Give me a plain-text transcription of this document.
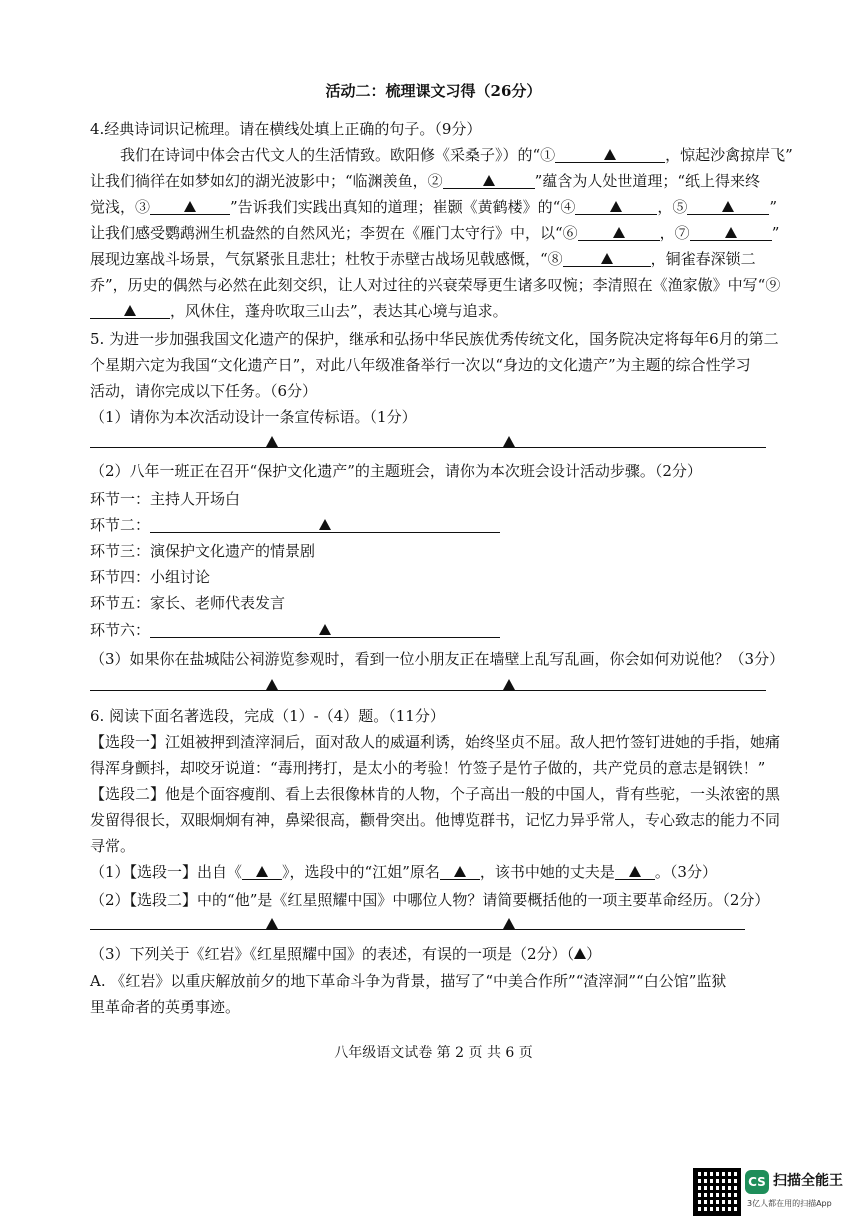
活动二：梳理课文习得（26分）
4.经典诗词识记梳理。请在横线处填上正确的句子。（9分）
我们在诗词中体会古代文人的生活情致。欧阳修《采桑子》）的“①	，惊起沙禽掠岸飞”
让我们徜徉在如梦如幻的湖光波影中；“临渊羡鱼，②	”蕴含为人处世道理；“纸上得来终
觉浅，③	”告诉我们实践出真知的道理；崔颢《黄鹤楼》的“④	，⑤	”
让我们感受鹦鹉洲生机盎然的自然风光；李贺在《雁门太守行》中，以“⑥	，⑦	”
展现边塞战斗场景，气氛紧张且悲壮；杜牧于赤壁古战场见戟感慨，“⑧	，铜雀春深锁二
乔”，历史的偶然与必然在此刻交织，让人对过往的兴衰荣辱更生诸多叹惋；李清照在《渔家傲》中写“⑨
，风休住，蓬舟吹取三山去”，表达其心境与追求。
5. 为进一步加强我国文化遗产的保护，继承和弘扬中华民族优秀传统文化，国务院决定将每年6月的第二
个星期六定为我国“文化遗产日”，对此八年级准备举行一次以“身边的文化遗产”为主题的综合性学习
活动，请你完成以下任务。（6分）
（1）请你为本次活动设计一条宣传标语。（1分）
（2）八年一班正在召开“保护文化遗产”的主题班会，请你为本次班会设计活动步骤。（2分）
环节一：主持人开场白
环节二：
环节三：演保护文化遗产的情景剧
环节四：小组讨论
环节五：家长、老师代表发言
环节六：
（3）如果你在盐城陆公祠游览参观时，看到一位小朋友正在墙壁上乱写乱画，你会如何劝说他？（3分）
6. 阅读下面名著选段，完成（1）-（4）题。（11分）
【选段一】江姐被押到渣滓洞后，面对敌人的威逼利诱，始终坚贞不屈。敌人把竹签钉进她的手指，她痛
得浑身颤抖，却咬牙说道：“毒刑拷打，是太小的考验！竹签子是竹子做的，共产党员的意志是钢铁！”
【选段二】他是个面容瘦削、看上去很像林肯的人物，个子高出一般的中国人，背有些驼，一头浓密的黑
发留得很长，双眼炯炯有神，鼻梁很高，颧骨突出。他博览群书，记忆力异乎常人，专心致志的能力不同
寻常。
（1）【选段一】出自《	》，选段中的“江姐”原名	，该书中她的丈夫是	。（3分）
（2）【选段二】中的“他”是《红星照耀中国》中哪位人物？请简要概括他的一项主要革命经历。（2分）
（3）下列关于《红岩》《红星照耀中国》的表述，有误的一项是（2分）（ ）
A. 《红岩》以重庆解放前夕的地下革命斗争为背景，描写了“中美合作所”“渣滓洞”“白公馆”监狱
里革命者的英勇事迹。
八年级语文试卷 第 2 页 共 6 页
CS 扫描全能王
3亿人都在用的扫描App
